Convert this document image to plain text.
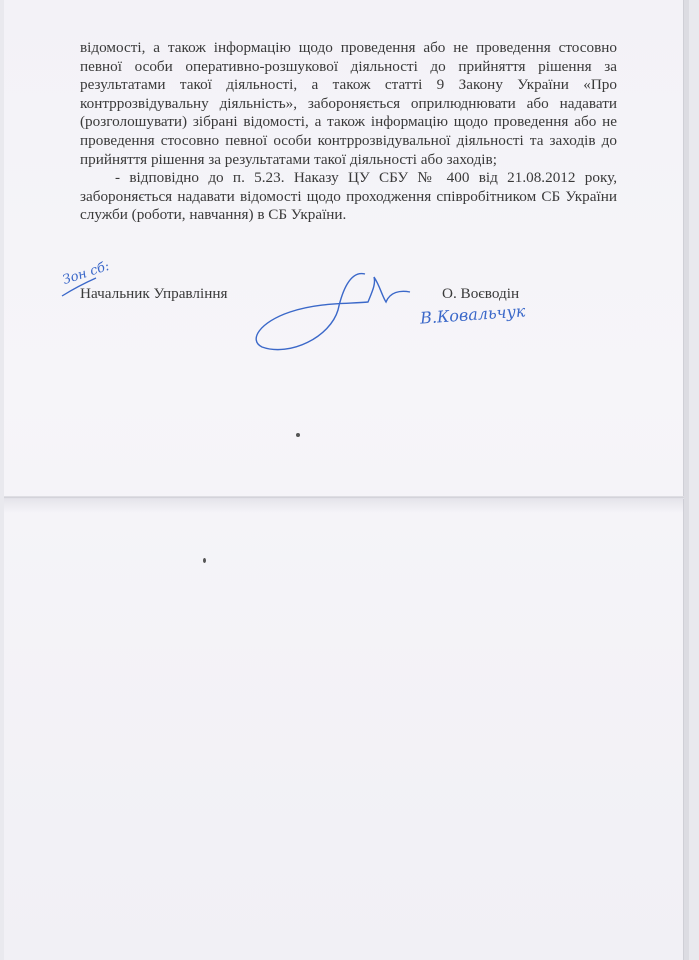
відомості, а також інформацію щодо проведення або не проведення стосовно певної особи оперативно-розшукової діяльності до прийняття рішення за результатами такої діяльності, а також статті 9 Закону України «Про контррозвідувальну діяльність», забороняється оприлюднювати або надавати (розголошувати) зібрані відомості, а також інформацію щодо проведення або не проведення стосовно певної особи контррозвідувальної діяльності та заходів до прийняття рішення за результатами такої діяльності або заходів;

- відповідно до п. 5.23. Наказу ЦУ СБУ № 400 від 21.08.2012 року, забороняється надавати відомості щодо проходження співробітником СБ України служби (роботи, навчання) в СБ України.

Начальник Управління	О. Воєводін
Зон сб:
В.Ковальчук
